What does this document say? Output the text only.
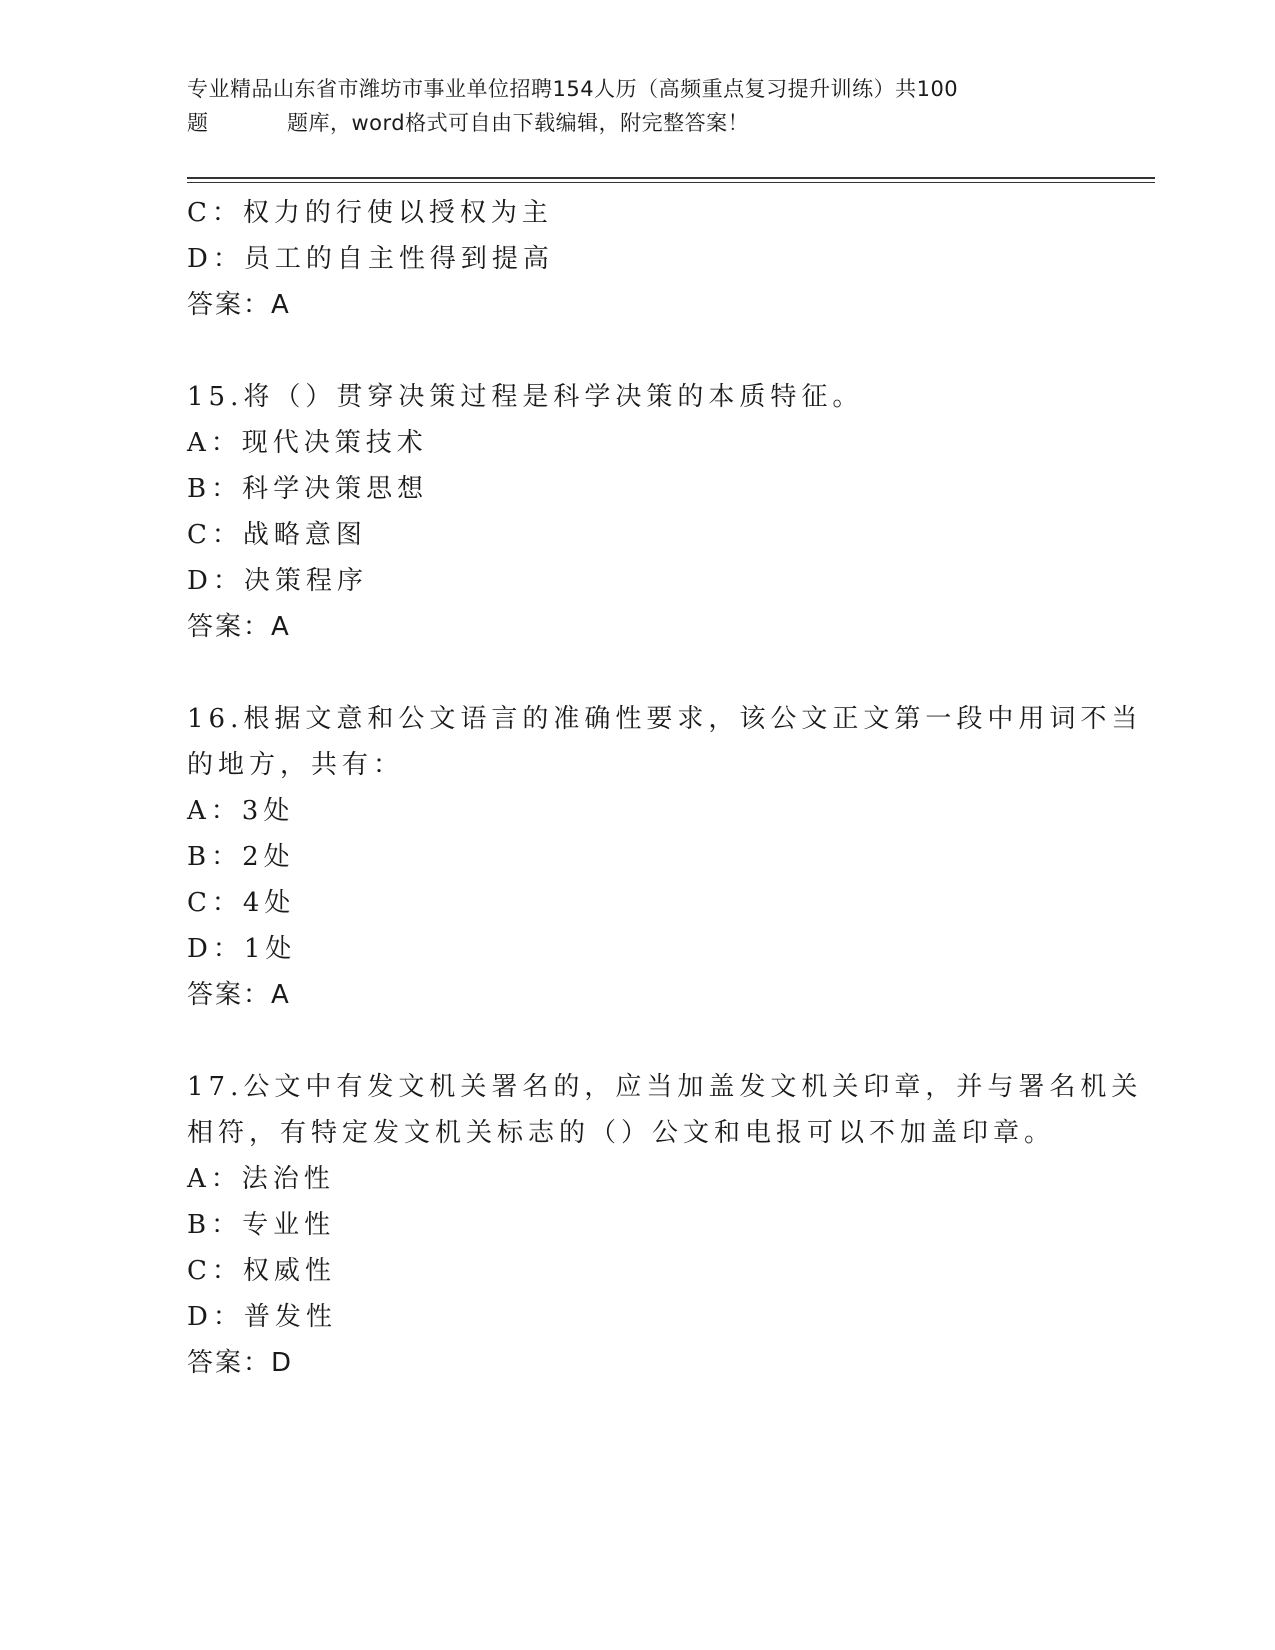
专业精品山东省市潍坊市事业单位招聘154人历（高频重点复习提升训练）共100
题	题库，word格式可自由下载编辑，附完整答案！
C：权力的行使以授权为主
D：员工的自主性得到提高
答案：A
15.将（）贯穿决策过程是科学决策的本质特征。
A：现代决策技术
B：科学决策思想
C：战略意图
D：决策程序
答案：A
16.根据文意和公文语言的准确性要求，该公文正文第一段中用词不当
的地方，共有：
A：3处
B：2处
C：4处
D：1处
答案：A
17.公文中有发文机关署名的，应当加盖发文机关印章，并与署名机关
相符，有特定发文机关标志的（）公文和电报可以不加盖印章。
A：法治性
B：专业性
C：权威性
D：普发性
答案：D
